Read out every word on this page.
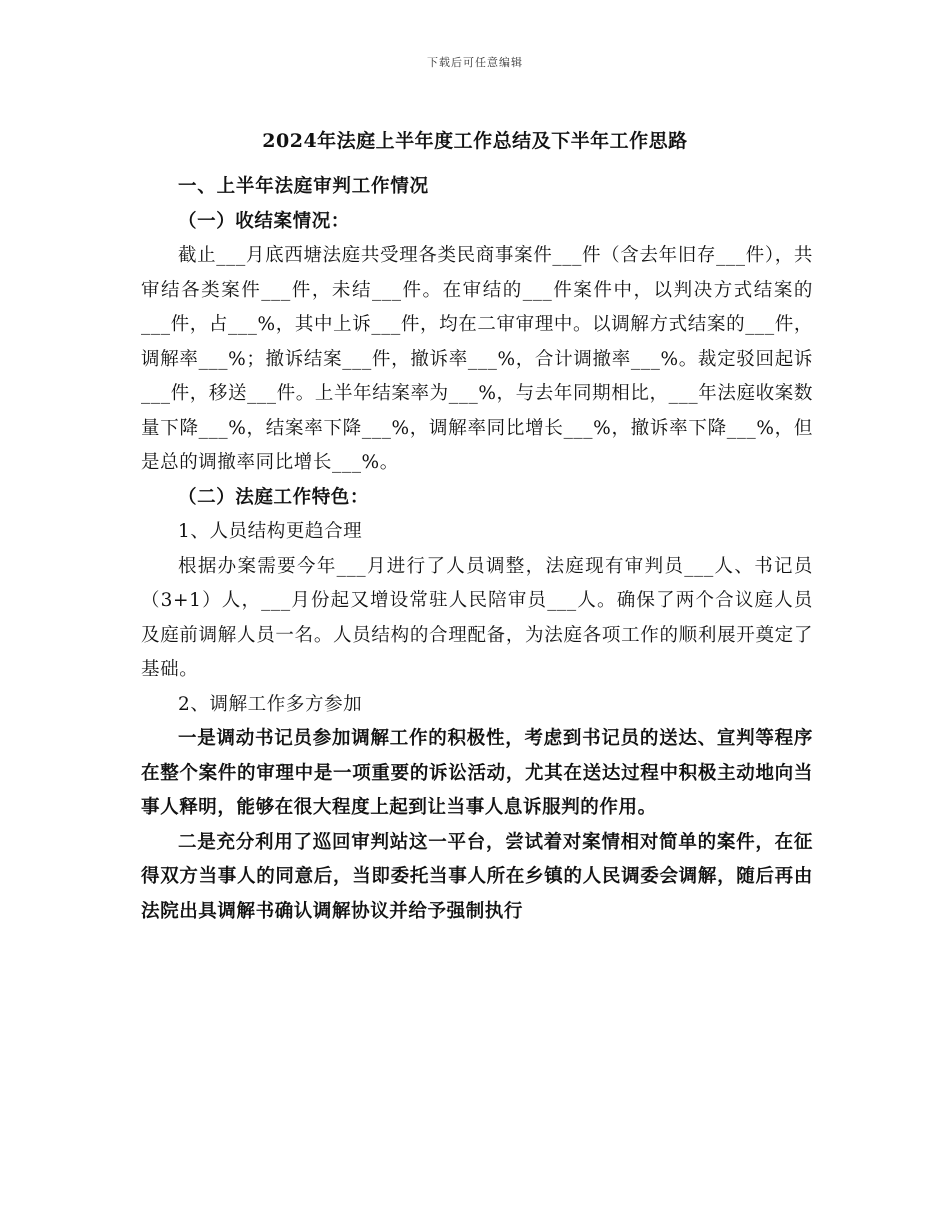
下载后可任意编辑
2024年法庭上半年度工作总结及下半年工作思路

一、上半年法庭审判工作情况

（一）收结案情况：

截止___月底西塘法庭共受理各类民商事案件___件（含去年旧存___件），共审结各类案件___件，未结___件。在审结的___件案件中，以判决方式结案的___件，占___%，其中上诉___件，均在二审审理中。以调解方式结案的___件，调解率___%；撤诉结案___件，撤诉率___%，合计调撤率___%。裁定驳回起诉___件，移送___件。上半年结案率为___%，与去年同期相比，___年法庭收案数量下降___%，结案率下降___%，调解率同比增长___%，撤诉率下降___%，但是总的调撤率同比增长___%。

（二）法庭工作特色：

1、人员结构更趋合理

根据办案需要今年___月进行了人员调整，法庭现有审判员___人、书记员（3+1）人，___月份起又增设常驻人民陪审员___人。确保了两个合议庭人员及庭前调解人员一名。人员结构的合理配备，为法庭各项工作的顺利展开奠定了基础。

2、调解工作多方参加

一是调动书记员参加调解工作的积极性，考虑到书记员的送达、宣判等程序在整个案件的审理中是一项重要的诉讼活动，尤其在送达过程中积极主动地向当事人释明，能够在很大程度上起到让当事人息诉服判的作用。

二是充分利用了巡回审判站这一平台，尝试着对案情相对简单的案件，在征得双方当事人的同意后，当即委托当事人所在乡镇的人民调委会调解，随后再由法院出具调解书确认调解协议并给予强制执行
